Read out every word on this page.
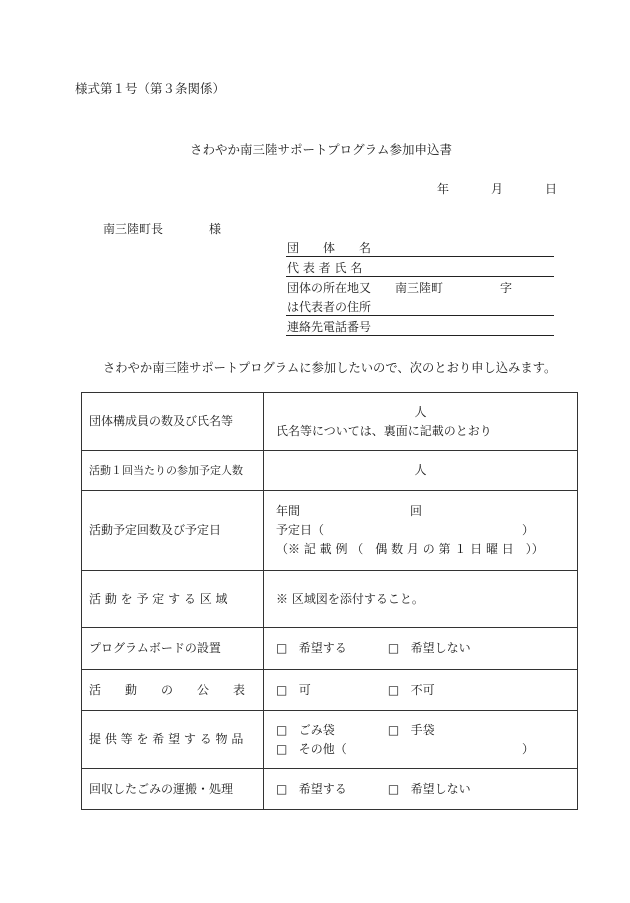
様式第１号（第３条関係）
さわやか南三陸サポートプログラム参加申込書
年	月	日
南三陸町長	様
団　　体　　名
代 表 者 氏 名
団体の所在地又 南三陸町	字
は代表者の住所
連絡先電話番号
さわやか南三陸サポートプログラムに参加したいので、次のとおり申し込みます。
団体構成員の数及び氏名等	人
氏名等については、裏面に記載のとおり

活動１回当たりの参加予定人数	人
活動予定回数及び予定日	年間 回
予定日（ ）
（※ 記 載 例 （　偶 数 月 の 第 １ 日 曜 日　））

活 動 を 予 定 す る 区 域	※ 区域図を添付すること。
プログラムボードの設置	□ 希望する □ 希望しない
活　　動　　の　　公　　表	□ 可 □ 不可
提 供 等 を 希 望 す る 物 品	□ ごみ袋 □ 手袋
□ その他（ ）

回収したごみの運搬・処理	□ 希望する □ 希望しない
